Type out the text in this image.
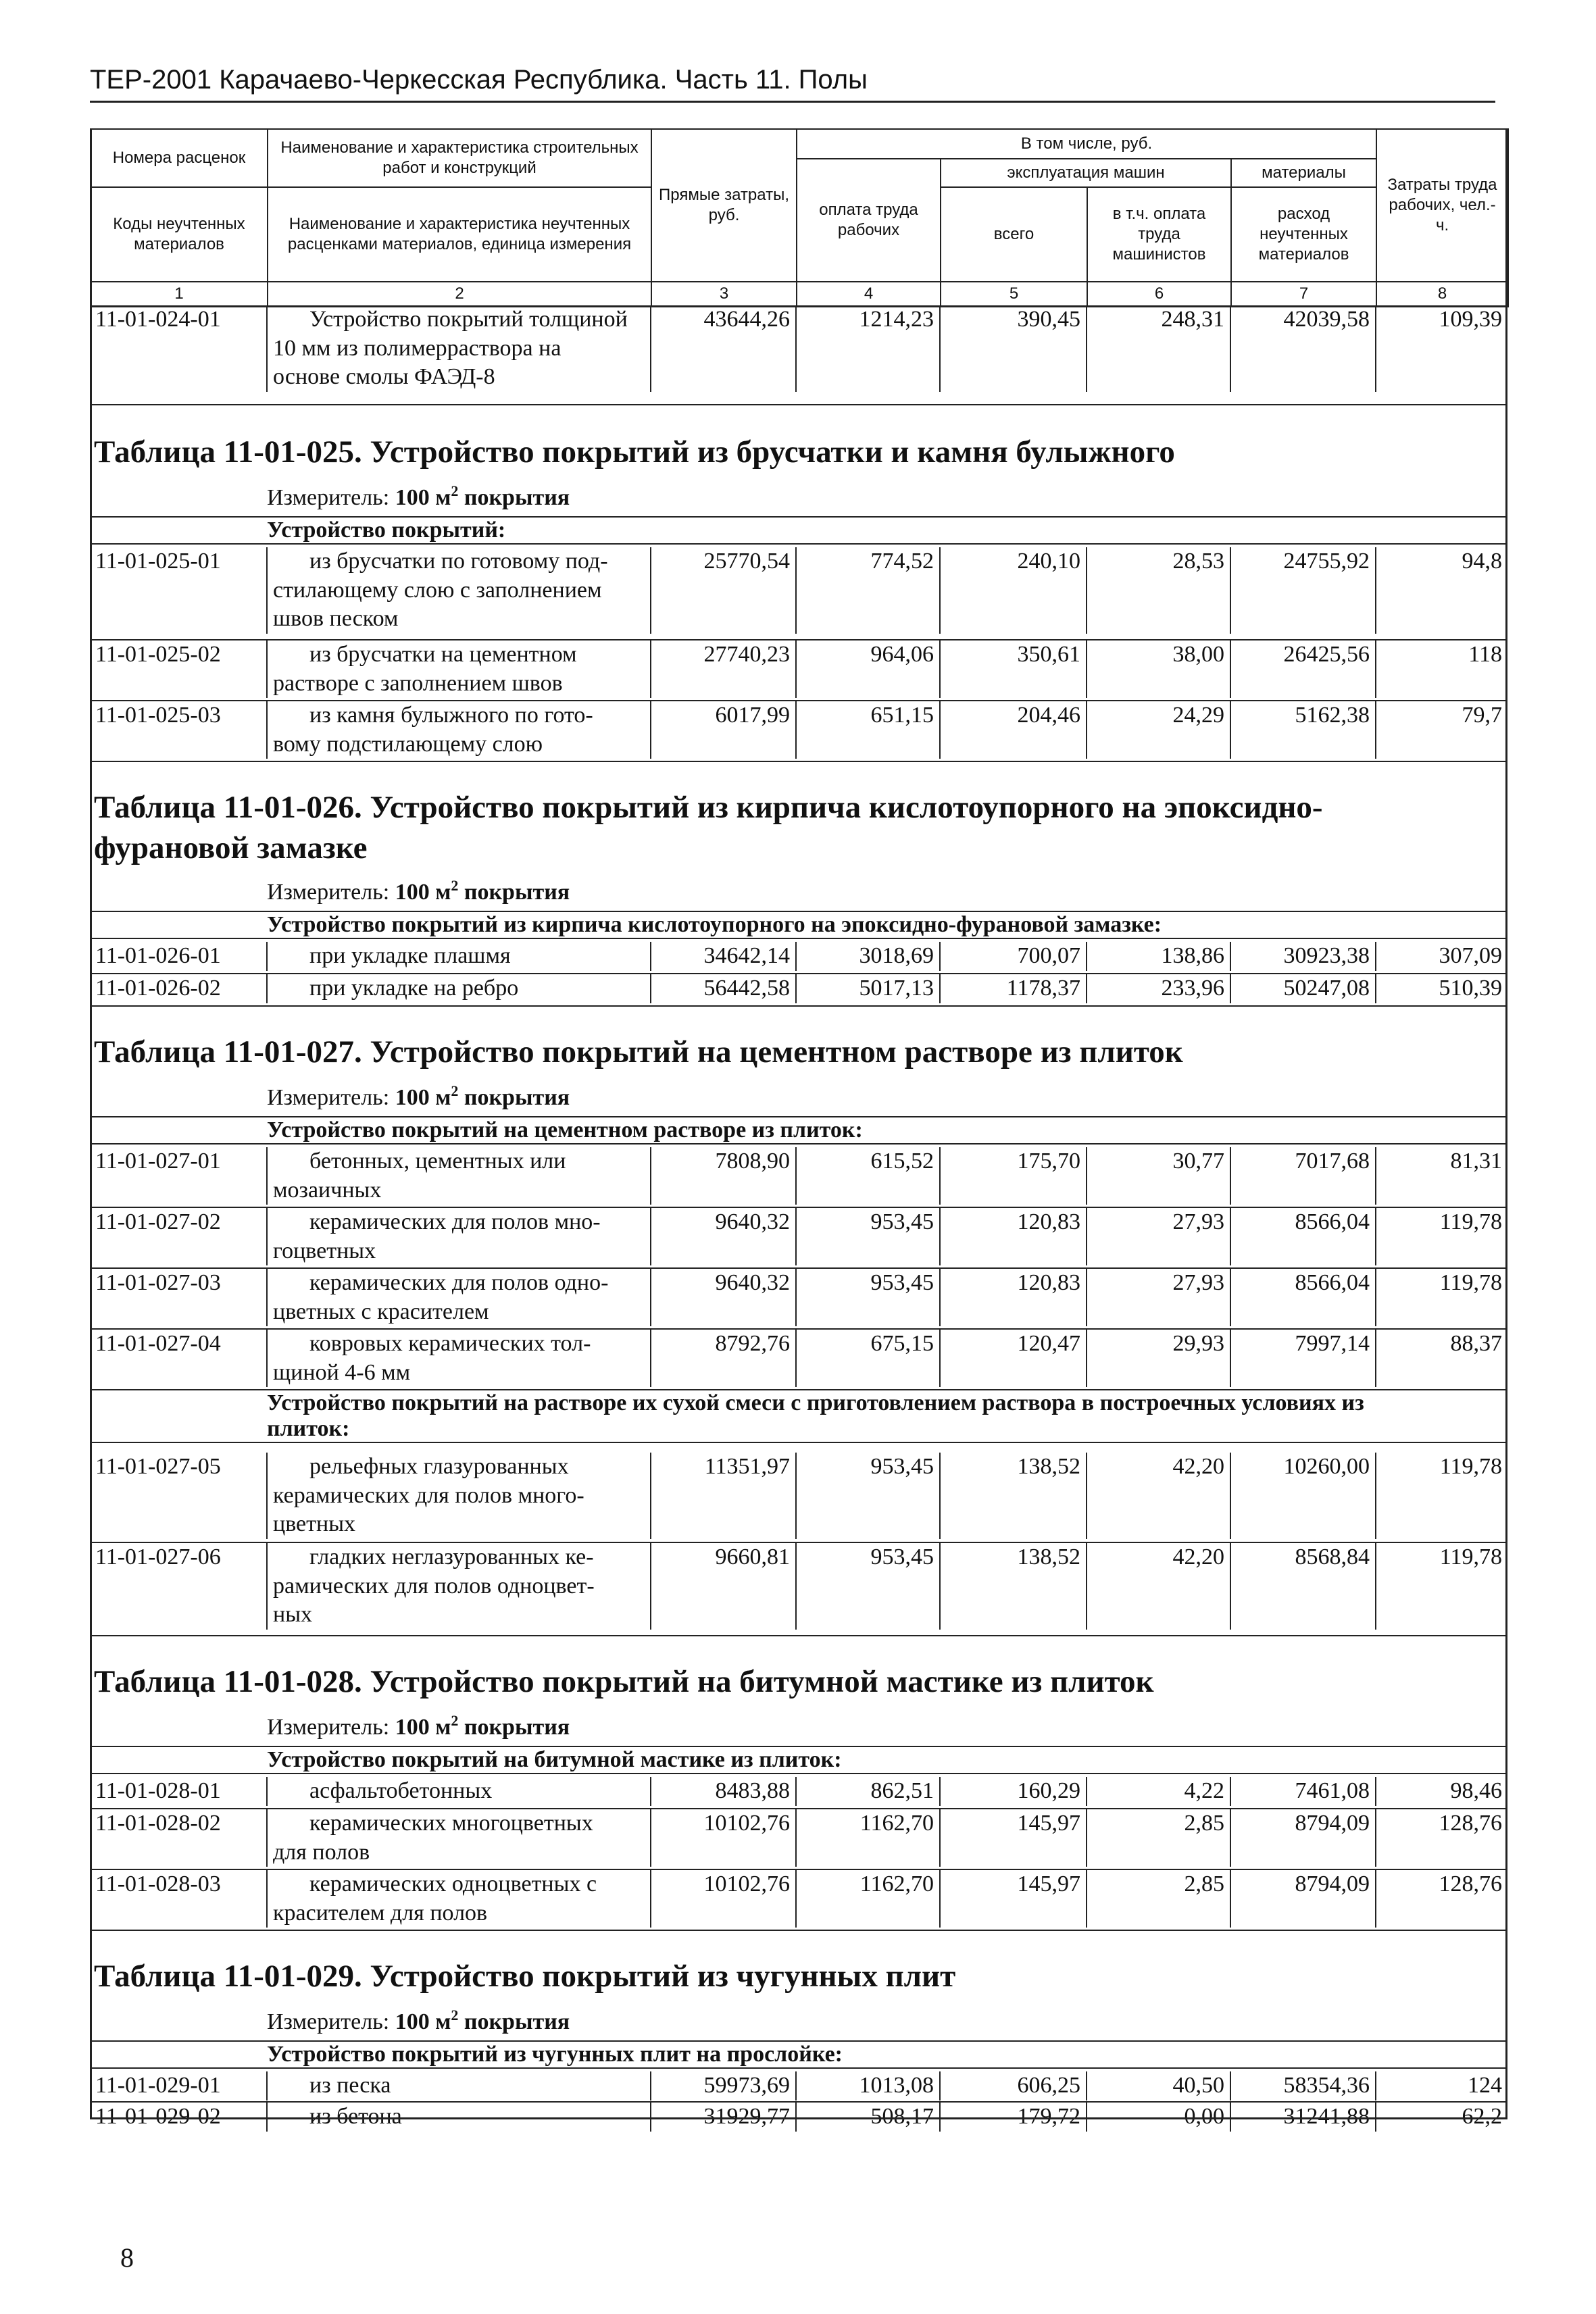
ТЕР-2001 Карачаево-Черкесская Республика. Часть 11. Полы
Номера расценок	Наименование и характеристика строительных работ и конструкций	Прямые затраты, руб.	В том числе, руб.				Затраты труда рабочих, чел.-ч.
			оплата труда рабочих	эксплуатация машин		материалы	
Коды неучтенных материалов	Наименование и характеристика неучтенных расценками материалов, единица измерения			всего	в т.ч. оплата труда машинистов	расход неучтенных материалов	

1	2	3	4	5	6	7	8
11-01-024-01	Устройство покрытий толщиной
10 мм из полимерраствора на
основе смолы ФАЭД-8
	43644,26	1214,23	390,45	248,31	42039,58	109,39
Таблица 11-01-025. Устройство покрытий из брусчатки и камня булыжного
Измеритель: 100 $м^2$ покрытия
Устройство покрытий:
11-01-025-01	из брусчатки по готовому под-
стилающему слою с заполнением
швов песком
	25770,54	774,52	240,10	28,53	24755,92	94,8
11-01-025-02	из брусчатки на цементном
растворе с заполнением швов
	27740,23	964,06	350,61	38,00	26425,56	118
11-01-025-03	из камня булыжного по гото-
вому подстилающему слою
	6017,99	651,15	204,46	24,29	5162,38	79,7
Таблица 11-01-026. Устройство покрытий из кирпича кислотоупорного на эпоксидно-
фурановой замазке
Измеритель: 100 $м^2$ покрытия
Устройство покрытий из кирпича кислотоупорного на эпоксидно-фурановой замазке:
11-01-026-01	при укладке плашмя	34642,14	3018,69	700,07	138,86	30923,38	307,09
11-01-026-02	при укладке на ребро	56442,58	5017,13	1178,37	233,96	50247,08	510,39
Таблица 11-01-027. Устройство покрытий на цементном растворе из плиток
Измеритель: 100 $м^2$ покрытия
Устройство покрытий на цементном растворе из плиток:
11-01-027-01	бетонных, цементных или
мозаичных
	7808,90	615,52	175,70	30,77	7017,68	81,31
11-01-027-02	керамических для полов мно-
гоцветных
	9640,32	953,45	120,83	27,93	8566,04	119,78
11-01-027-03	керамических для полов одно-
цветных с красителем
	9640,32	953,45	120,83	27,93	8566,04	119,78
11-01-027-04	ковровых керамических тол-
щиной 4-6 мм
	8792,76	675,15	120,47	29,93	7997,14	88,37
Устройство покрытий на растворе их сухой смеси с приготовлением раствора в построечных условиях из
плиток:
11-01-027-05	рельефных глазурованных
керамических для полов много-
цветных
	11351,97	953,45	138,52	42,20	10260,00	119,78
11-01-027-06	гладких неглазурованных ке-
рамических для полов одноцвет-
ных
	9660,81	953,45	138,52	42,20	8568,84	119,78
Таблица 11-01-028. Устройство покрытий на битумной мастике из плиток
Измеритель: 100 $м^2$ покрытия
Устройство покрытий на битумной мастике из плиток:
11-01-028-01	асфальтобетонных	8483,88	862,51	160,29	4,22	7461,08	98,46
11-01-028-02	керамических многоцветных
для полов
	10102,76	1162,70	145,97	2,85	8794,09	128,76
11-01-028-03	керамических одноцветных с
красителем для полов
	10102,76	1162,70	145,97	2,85	8794,09	128,76
Таблица 11-01-029. Устройство покрытий из чугунных плит
Измеритель: 100 $м^2$ покрытия
Устройство покрытий из чугунных плит на прослойке:
11-01-029-01	из песка	59973,69	1013,08	606,25	40,50	58354,36	124
11-01-029-02	из бетона	31929,77	508,17	179,72	0,00	31241,88	62,2
8
